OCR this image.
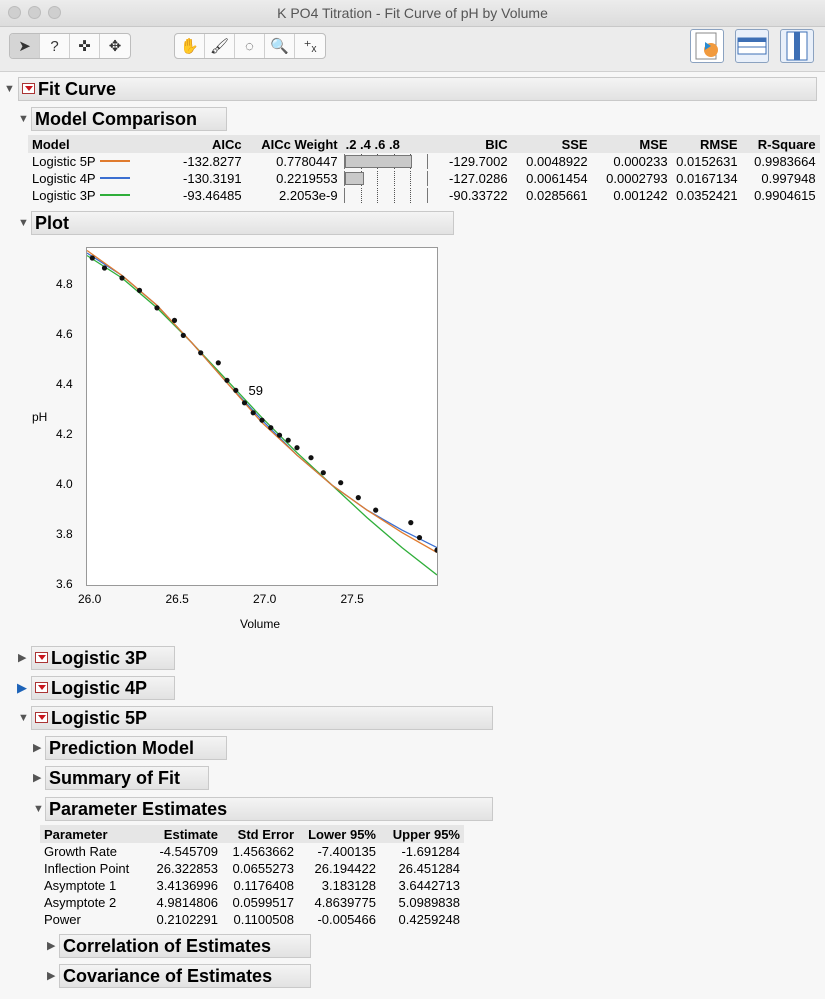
K PO4 Titration - Fit Curve of pH by Volume
➤	?	✜	✥	✋ 🖌	◌	🔍 ⁺ₓ
▼	Fit Curve
▼ Model Comparison
Model	AICc	AICc Weight	.2 .4 .6 .8	BIC	SSE	MSE	RMSE	R-Square
Logistic 5P	-132.8277	0.7780447		-129.7002	0.0048922	0.000233	0.0152631	0.9983664
Logistic 4P	-130.3191	0.2219553		-127.0286	0.0061454	0.0002793	0.0167134	0.997948
Logistic 3P	-93.46485	2.2053e-9		-90.33722	0.0285661	0.001242	0.0352421	0.9904615
▼ Plot
pH
Volume
3.6
3.8
4.0
4.2
4.4
4.6
4.8
26.0	26.5	27.0	27.5
59
▶	Logistic 3P
▶	Logistic 4P
▼	Logistic 5P
▶ Prediction Model
▶ Summary of Fit
▼ Parameter Estimates
Parameter	Estimate	Std Error	Lower 95%	Upper 95%
Growth Rate	-4.545709	1.4563662	-7.400135	-1.691284
Inflection Point	26.322853	0.0655273	26.194422	26.451284
Asymptote 1	3.4136996	0.1176408	3.183128	3.6442713
Asymptote 2	4.9814806	0.0599517	4.8639775	5.0989838
Power	0.2102291	0.1100508	-0.005466	0.4259248
▶ Correlation of Estimates
▶ Covariance of Estimates
